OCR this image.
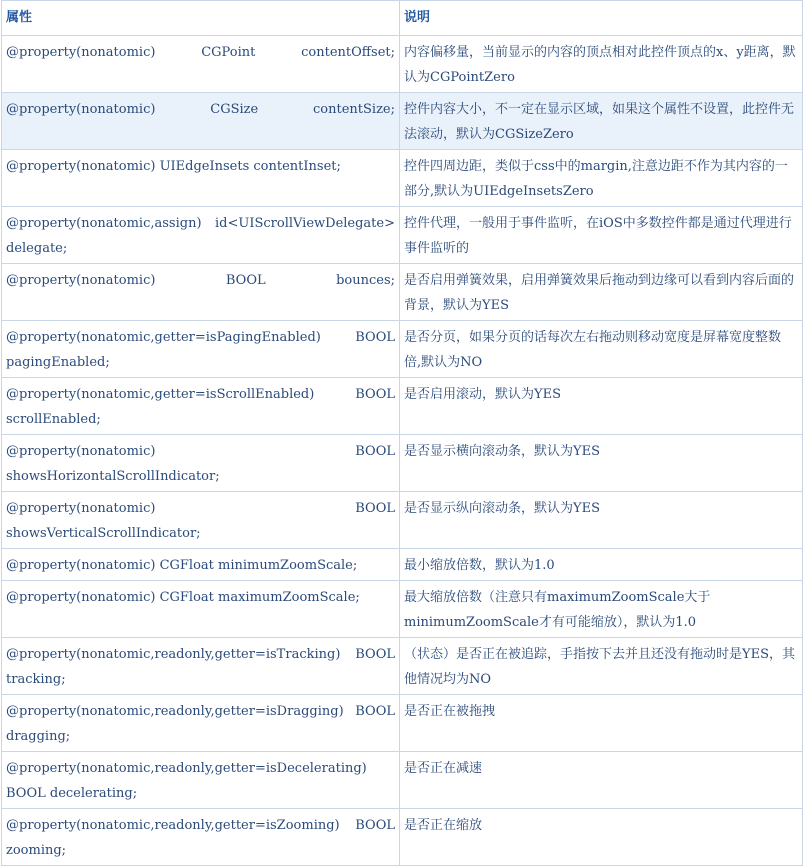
属性	说明
@property(nonatomic) CGPoint contentOffset;	内容偏移量，当前显示的内容的顶点相对此控件顶点的x、y距离，默认为CGPointZero
@property(nonatomic) CGSize contentSize;	控件内容大小，不一定在显示区域，如果这个属性不设置，此控件无法滚动，默认为CGSizeZero
@property(nonatomic) UIEdgeInsets contentInset;	控件四周边距，类似于css中的margin,注意边距不作为其内容的一部分,默认为UIEdgeInsetsZero
@property(nonatomic,assign) id<UIScrollViewDelegate> delegate;	控件代理，一般用于事件监听，在iOS中多数控件都是通过代理进行事件监听的
@property(nonatomic) BOOL bounces;	是否启用弹簧效果，启用弹簧效果后拖动到边缘可以看到内容后面的背景，默认为YES
@property(nonatomic,getter=isPagingEnabled) BOOL pagingEnabled;	是否分页，如果分页的话每次左右拖动则移动宽度是屏幕宽度整数倍,默认为NO
@property(nonatomic,getter=isScrollEnabled) BOOL scrollEnabled;	是否启用滚动，默认为YES
@property(nonatomic) BOOL showsHorizontalScrollIndicator;	是否显示横向滚动条，默认为YES
@property(nonatomic) BOOL showsVerticalScrollIndicator;	是否显示纵向滚动条，默认为YES
@property(nonatomic) CGFloat minimumZoomScale;	最小缩放倍数，默认为1.0
@property(nonatomic) CGFloat maximumZoomScale;	最大缩放倍数（注意只有maximumZoomScale大于minimumZoomScale才有可能缩放），默认为1.0
@property(nonatomic,readonly,getter=isTracking) BOOL tracking;	（状态）是否正在被追踪，手指按下去并且还没有拖动时是YES，其他情况均为NO
@property(nonatomic,readonly,getter=isDragging) BOOL dragging;	是否正在被拖拽
@property(nonatomic,readonly,getter=isDecelerating) BOOL decelerating;	是否正在减速
@property(nonatomic,readonly,getter=isZooming) BOOL zooming;	是否正在缩放
